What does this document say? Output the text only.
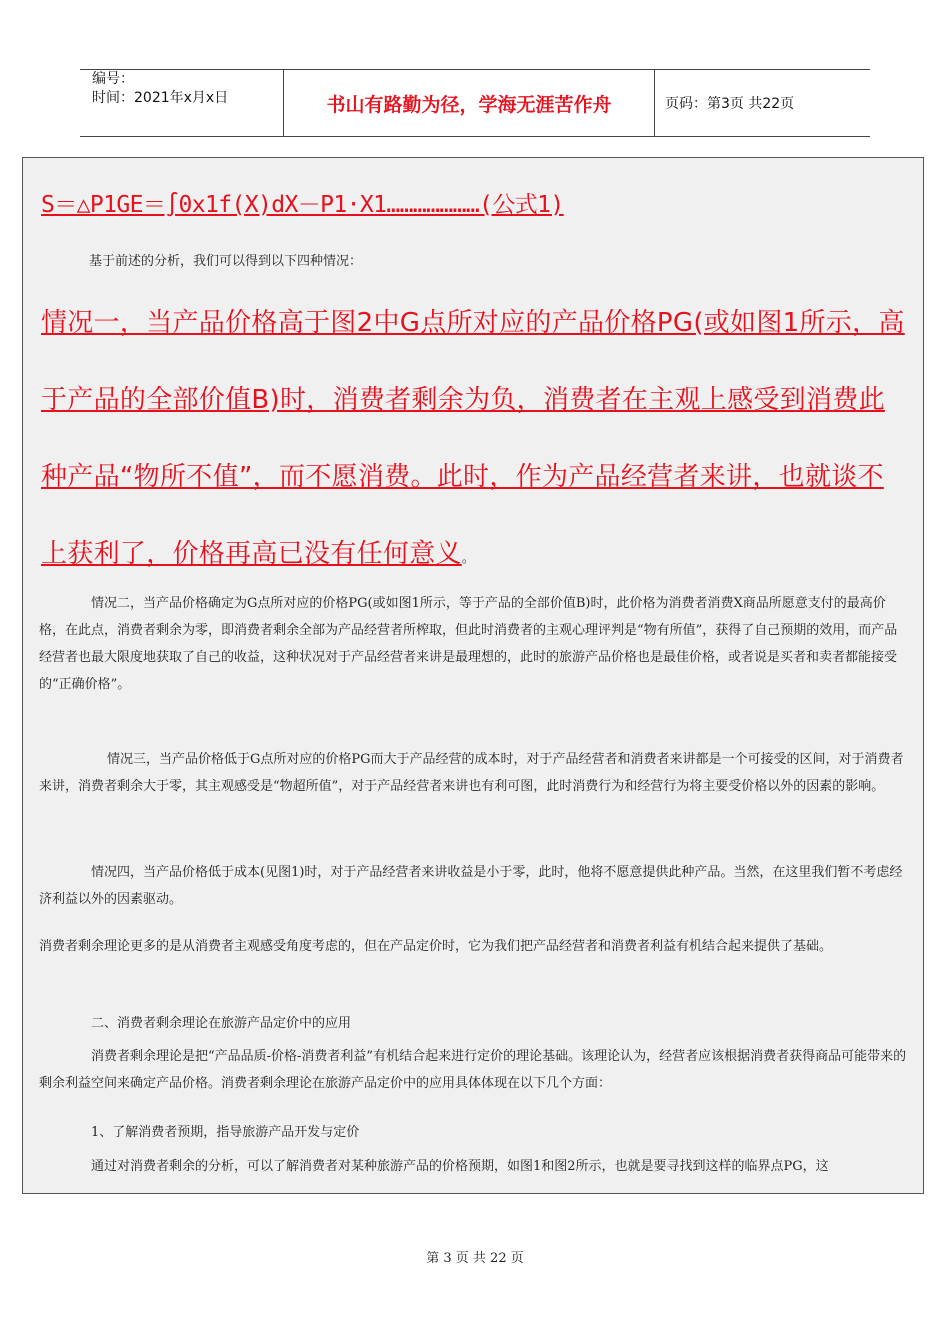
编号：
时间：2021年x月x日	书山有路勤为径，学海无涯苦作舟	页码：第3页 共22页
S＝△P1GE＝∫0x1f(X)dX－P1·X1…………………(公式1)

基于前述的分析，我们可以得到以下四种情况：

情况一，当产品价格高于图2中G点所对应的产品价格PG(或如图1所示，高于产品的全部价值B)时，消费者剩余为负，消费者在主观上感受到消费此种产品“物所不值”，而不愿消费。此时，作为产品经营者来讲，也就谈不上获利了，价格再高已没有任何意义。

情况二，当产品价格确定为G点所对应的价格PG(或如图1所示，等于产品的全部价值B)时，此价格为消费者消费X商品所愿意支付的最高价格，在此点，消费者剩余为零，即消费者剩余全部为产品经营者所榨取，但此时消费者的主观心理评判是“物有所值”，获得了自己预期的效用，而产品经营者也最大限度地获取了自己的收益，这种状况对于产品经营者来讲是最理想的，此时的旅游产品价格也是最佳价格，或者说是买者和卖者都能接受的“正确价格”。

情况三，当产品价格低于G点所对应的价格PG而大于产品经营的成本时，对于产品经营者和消费者来讲都是一个可接受的区间，对于消费者来讲，消费者剩余大于零，其主观感受是“物超所值”，对于产品经营者来讲也有利可图，此时消费行为和经营行为将主要受价格以外的因素的影响。

情况四，当产品价格低于成本(见图1)时，对于产品经营者来讲收益是小于零，此时，他将不愿意提供此种产品。当然，在这里我们暂不考虑经济利益以外的因素驱动。

消费者剩余理论更多的是从消费者主观感受角度考虑的，但在产品定价时，它为我们把产品经营者和消费者利益有机结合起来提供了基础。

二、消费者剩余理论在旅游产品定价中的应用

消费者剩余理论是把“产品品质-价格-消费者利益”有机结合起来进行定价的理论基础。该理论认为，经营者应该根据消费者获得商品可能带来的剩余利益空间来确定产品价格。消费者剩余理论在旅游产品定价中的应用具体体现在以下几个方面：

1、了解消费者预期，指导旅游产品开发与定价

通过对消费者剩余的分析，可以了解消费者对某种旅游产品的价格预期，如图1和图2所示，也就是要寻找到这样的临界点PG，这

第 3 页 共 22 页
